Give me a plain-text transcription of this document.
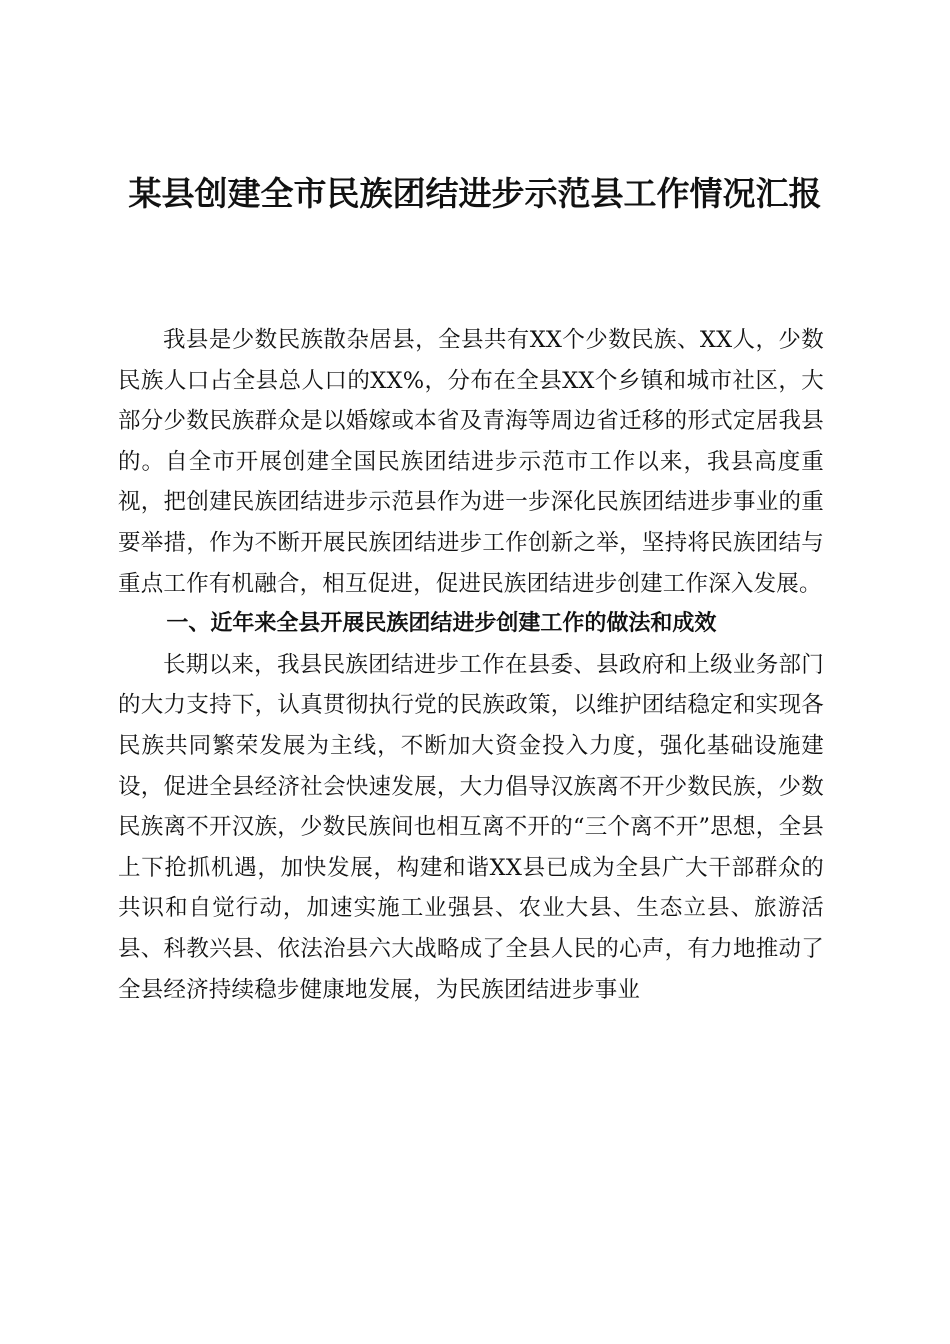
某县创建全市民族团结进步示范县工作情况汇报

我县是少数民族散杂居县，全县共有XX个少数民族、XX人，少数民族人口占全县总人口的XX%，分布在全县XX个乡镇和城市社区，大部分少数民族群众是以婚嫁或本省及青海等周边省迁移的形式定居我县的。自全市开展创建全国民族团结进步示范市工作以来，我县高度重视，把创建民族团结进步示范县作为进一步深化民族团结进步事业的重要举措，作为不断开展民族团结进步工作创新之举，坚持将民族团结与重点工作有机融合，相互促进，促进民族团结进步创建工作深入发展。

一、近年来全县开展民族团结进步创建工作的做法和成效

长期以来，我县民族团结进步工作在县委、县政府和上级业务部门的大力支持下，认真贯彻执行党的民族政策，以维护团结稳定和实现各民族共同繁荣发展为主线，不断加大资金投入力度，强化基础设施建设，促进全县经济社会快速发展，大力倡导汉族离不开少数民族，少数民族离不开汉族，少数民族间也相互离不开的“三个离不开”思想，全县上下抢抓机遇，加快发展，构建和谐XX县已成为全县广大干部群众的共识和自觉行动，加速实施工业强县、农业大县、生态立县、旅游活县、科教兴县、依法治县六大战略成了全县人民的心声，有力地推动了全县经济持续稳步健康地发展，为民族团结进步事业
